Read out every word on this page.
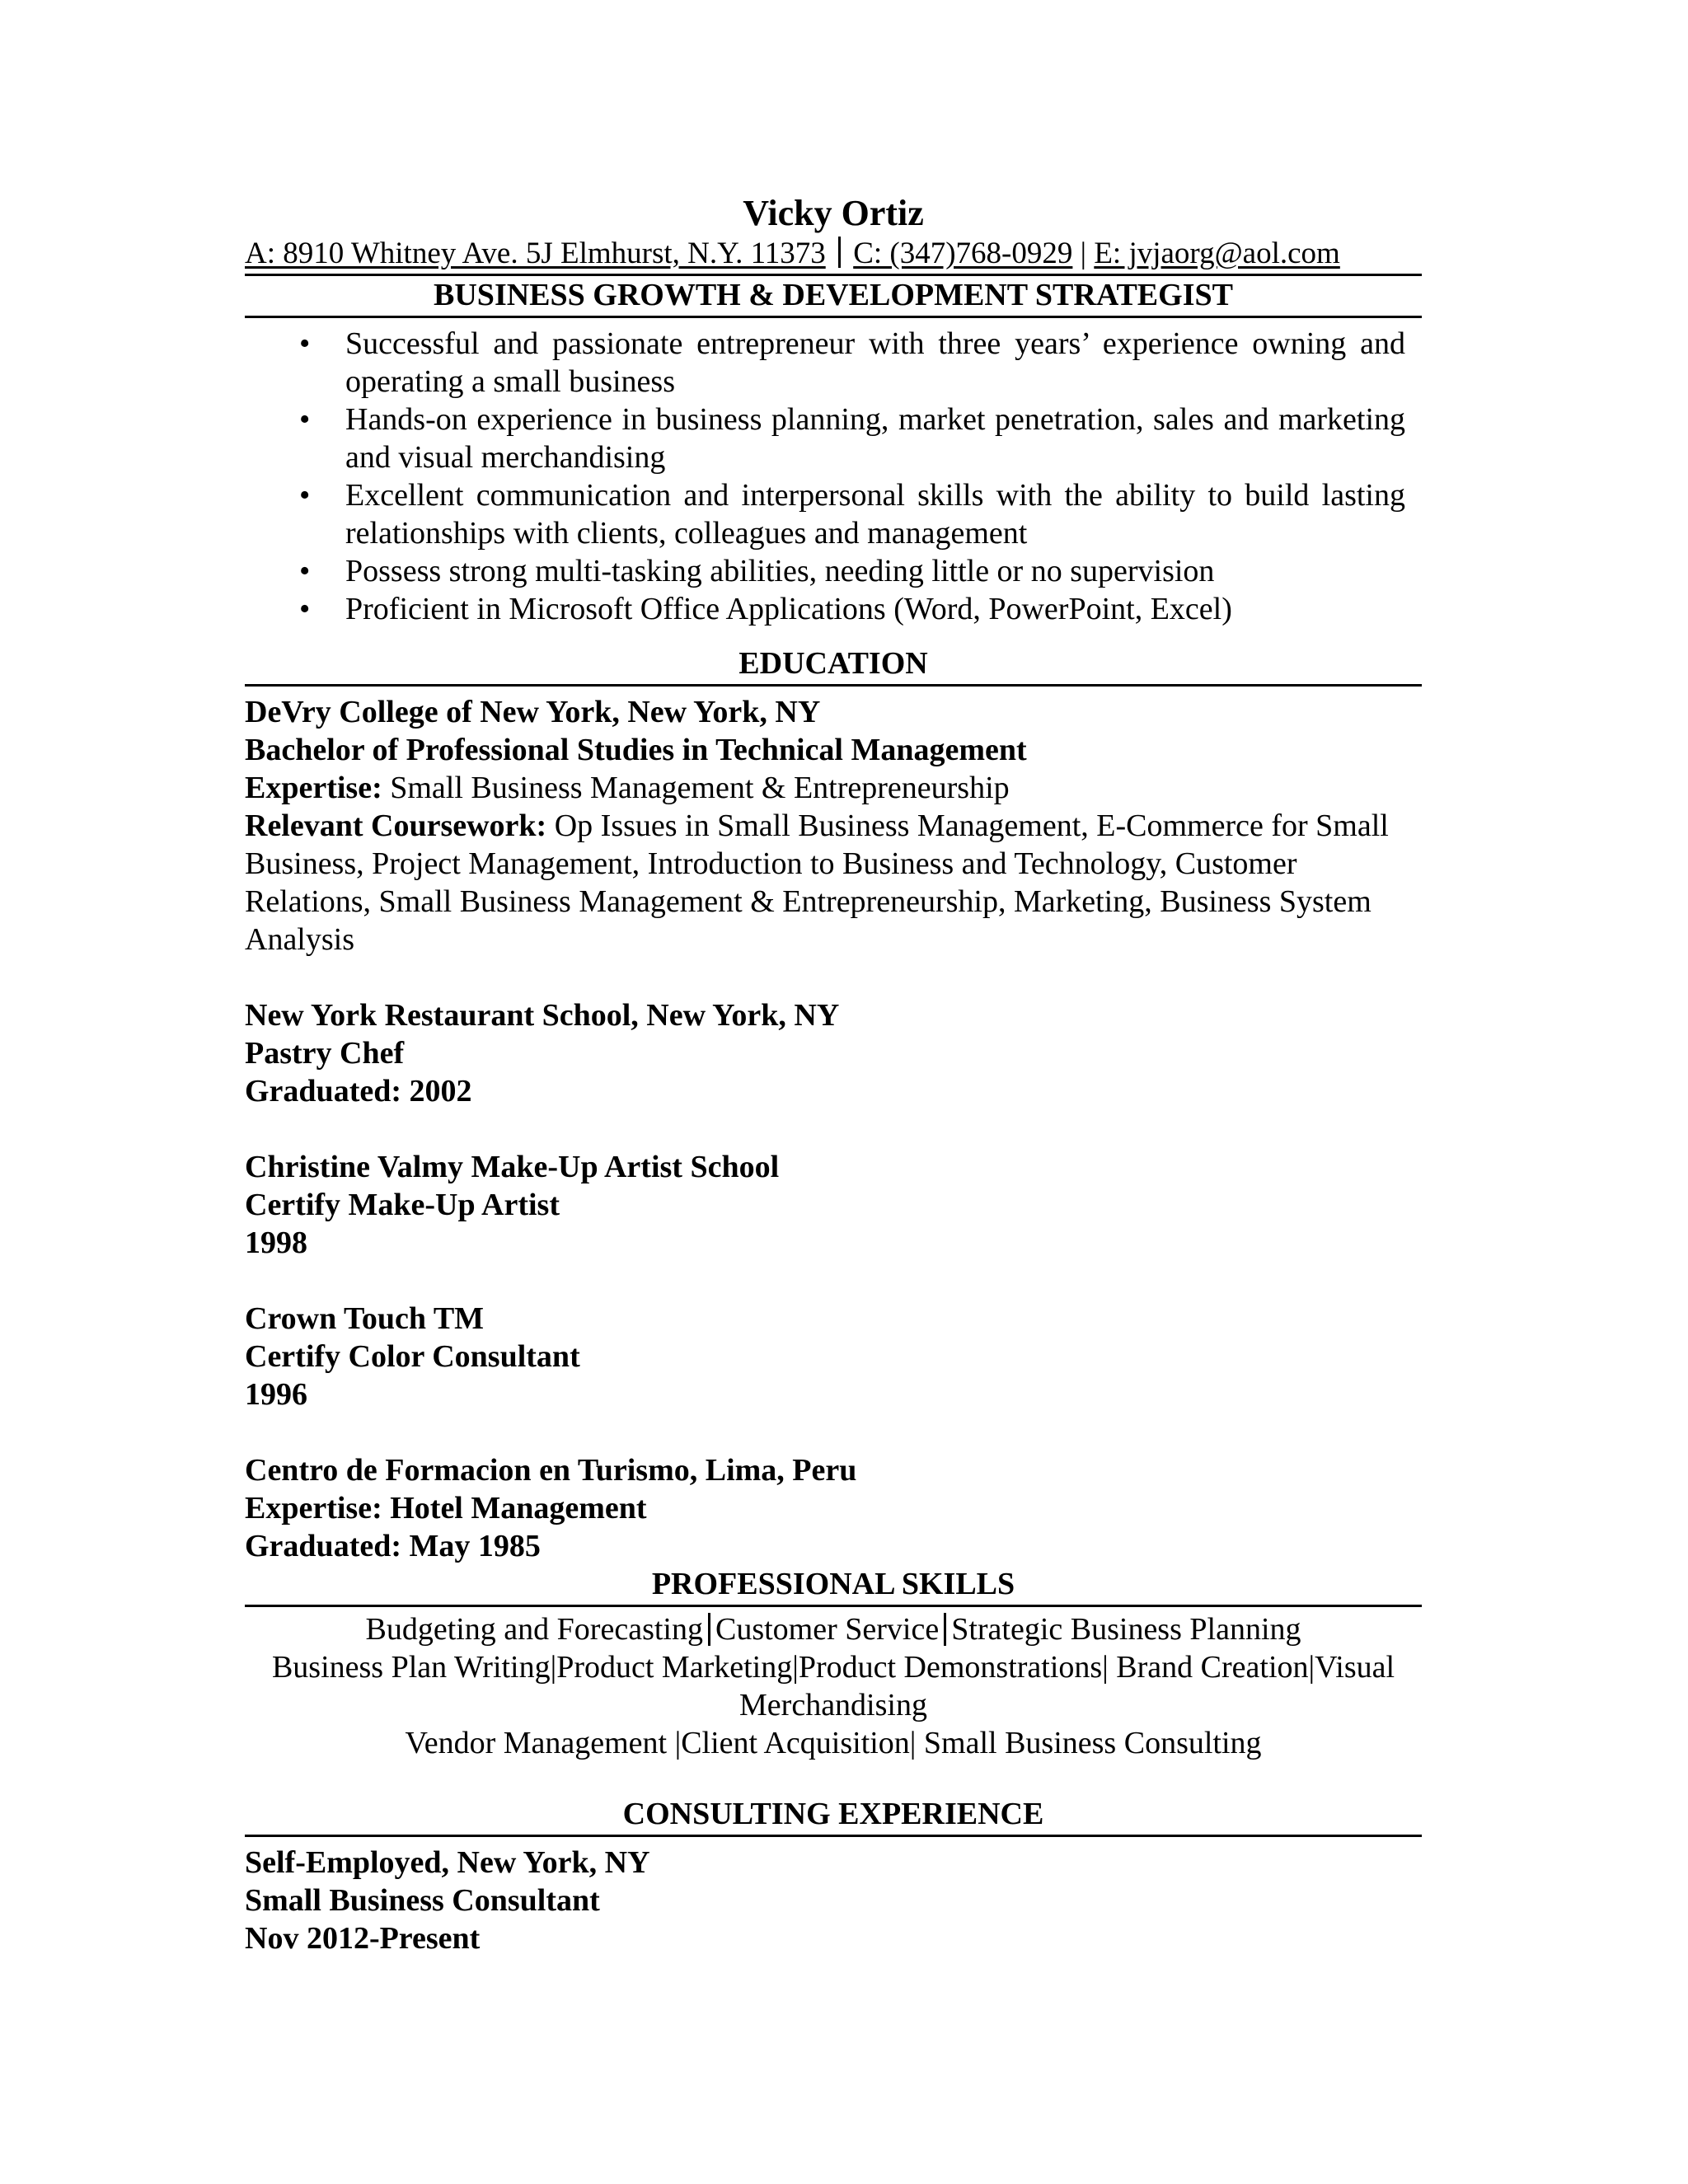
Vicky Ortiz
A: 8910 Whitney Ave. 5J Elmhurst, N.Y. 11373 C: (347)768-0929 | E: jvjaorg@aol.com
BUSINESS GROWTH & DEVELOPMENT STRATEGIST
• Successful and passionate entrepreneur with three years’ experience owning and operating a small business
• Hands-on experience in business planning, market penetration, sales and marketing and visual merchandising
• Excellent communication and interpersonal skills with the ability to build lasting relationships with clients, colleagues and management
• Possess strong multi-tasking abilities, needing little or no supervision
• Proficient in Microsoft Office Applications (Word, PowerPoint, Excel)
EDUCATION
DeVry College of New York, New York, NY
Bachelor of Professional Studies in Technical Management
Expertise: Small Business Management & Entrepreneurship
Relevant Coursework: Op Issues in Small Business Management, E-Commerce for Small Business, Project Management, Introduction to Business and Technology, Customer Relations, Small Business Management & Entrepreneurship, Marketing, Business System Analysis
New York Restaurant School, New York, NY
Pastry Chef
Graduated: 2002
Christine Valmy Make-Up Artist School
Certify Make-Up Artist
1998
Crown Touch TM
Certify Color Consultant
1996
Centro de Formacion en Turismo, Lima, Peru
Expertise: Hotel Management
Graduated: May 1985
PROFESSIONAL SKILLS
Budgeting and Forecasting Customer Service Strategic Business Planning
Business Plan Writing|Product Marketing|Product Demonstrations| Brand Creation|Visual Merchandising
Vendor Management |Client Acquisition| Small Business Consulting
CONSULTING EXPERIENCE
Self-Employed, New York, NY
Small Business Consultant
Nov 2012-Present
